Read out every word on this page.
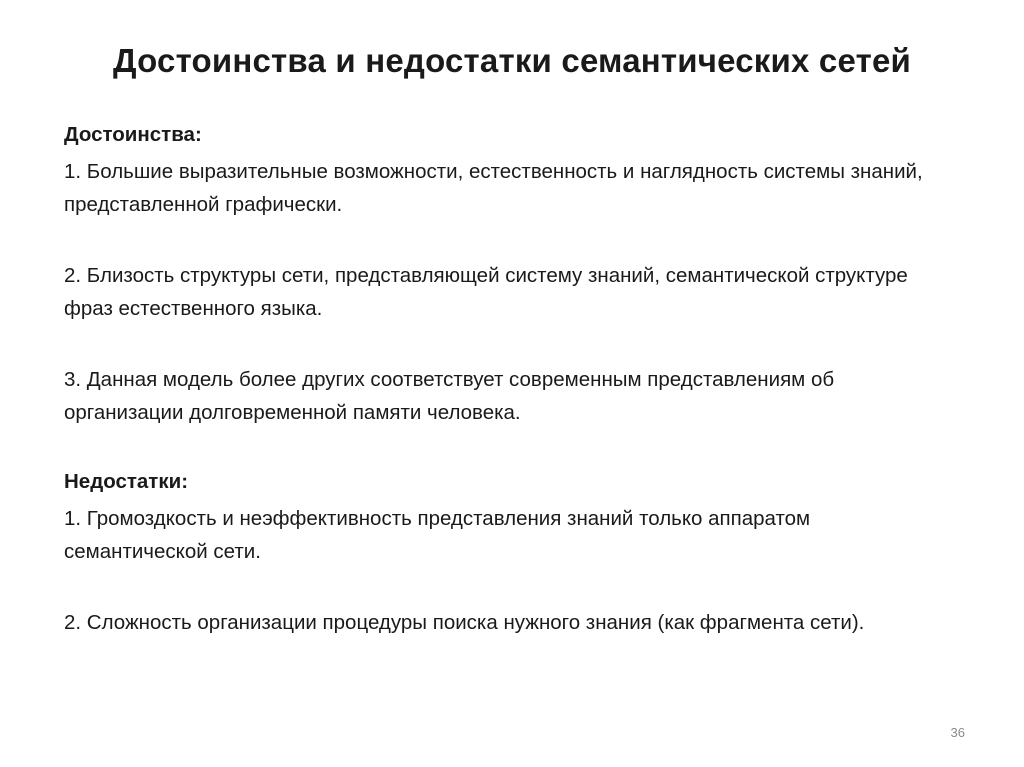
Достоинства и недостатки семантических сетей
Достоинства:

1. Большие выразительные возможности, естественность и наглядность системы знаний, представленной графически.

2. Близость структуры сети, представляющей систему знаний, семантической структуре фраз естественного языка.

3. Данная модель более других соответствует современным представлениям об организации долговременной памяти человека.

Недостатки:

1. Громоздкость и неэффективность представления знаний только аппаратом семантической сети.

2. Сложность организации процедуры поиска нужного знания (как фрагмента сети).

36
